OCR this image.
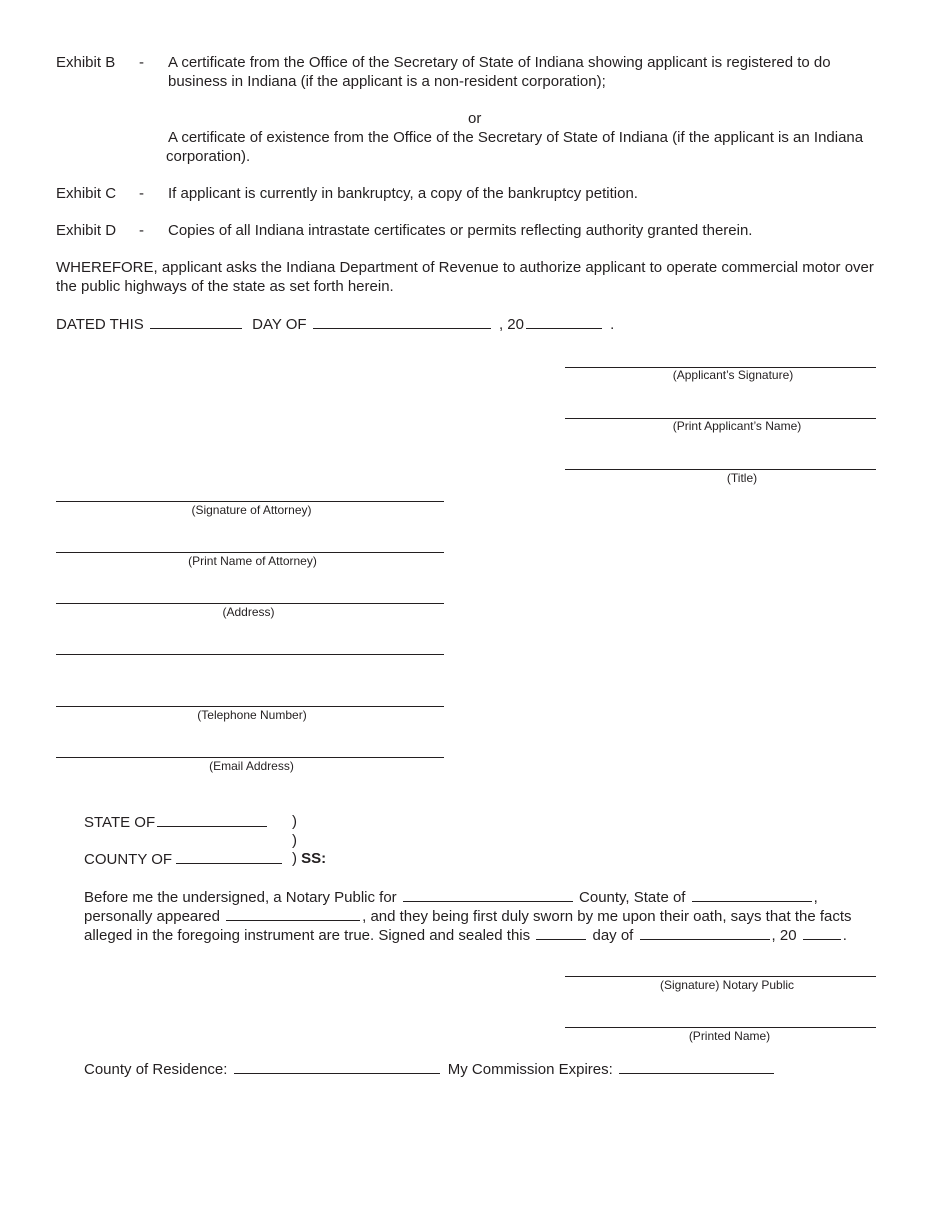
Exhibit B - A certificate from the Office of the Secretary of State of Indiana showing applicant is registered to do business in Indiana (if the applicant is a non-resident corporation);
or
A certificate of existence from the Office of the Secretary of State of Indiana (if the applicant is an Indiana corporation).
Exhibit C - If applicant is currently in bankruptcy, a copy of the bankruptcy petition.
Exhibit D - Copies of all Indiana intrastate certificates or permits reflecting authority granted therein.
WHEREFORE, applicant asks the Indiana Department of Revenue to authorize applicant to operate commercial motor over the public highways of the state as set forth herein.
DATED THIS	DAY OF	, 20	.
(Applicant’s Signature)
(Print Applicant’s Name)
(Title)
(Signature of Attorney)
(Print Name of Attorney)
(Address)
(Telephone Number)
(Email Address)
STATE OF	)
)
COUNTY OF	) SS:
Before me the undersigned, a Notary Public for	County, State of	,
personally appeared	, and they being first duly sworn by me upon their oath, says that the facts
alleged in the foregoing instrument are true. Signed and sealed this	day of	, 20	.
(Signature) Notary Public
(Printed Name)
County of Residence:	My Commission Expires:
